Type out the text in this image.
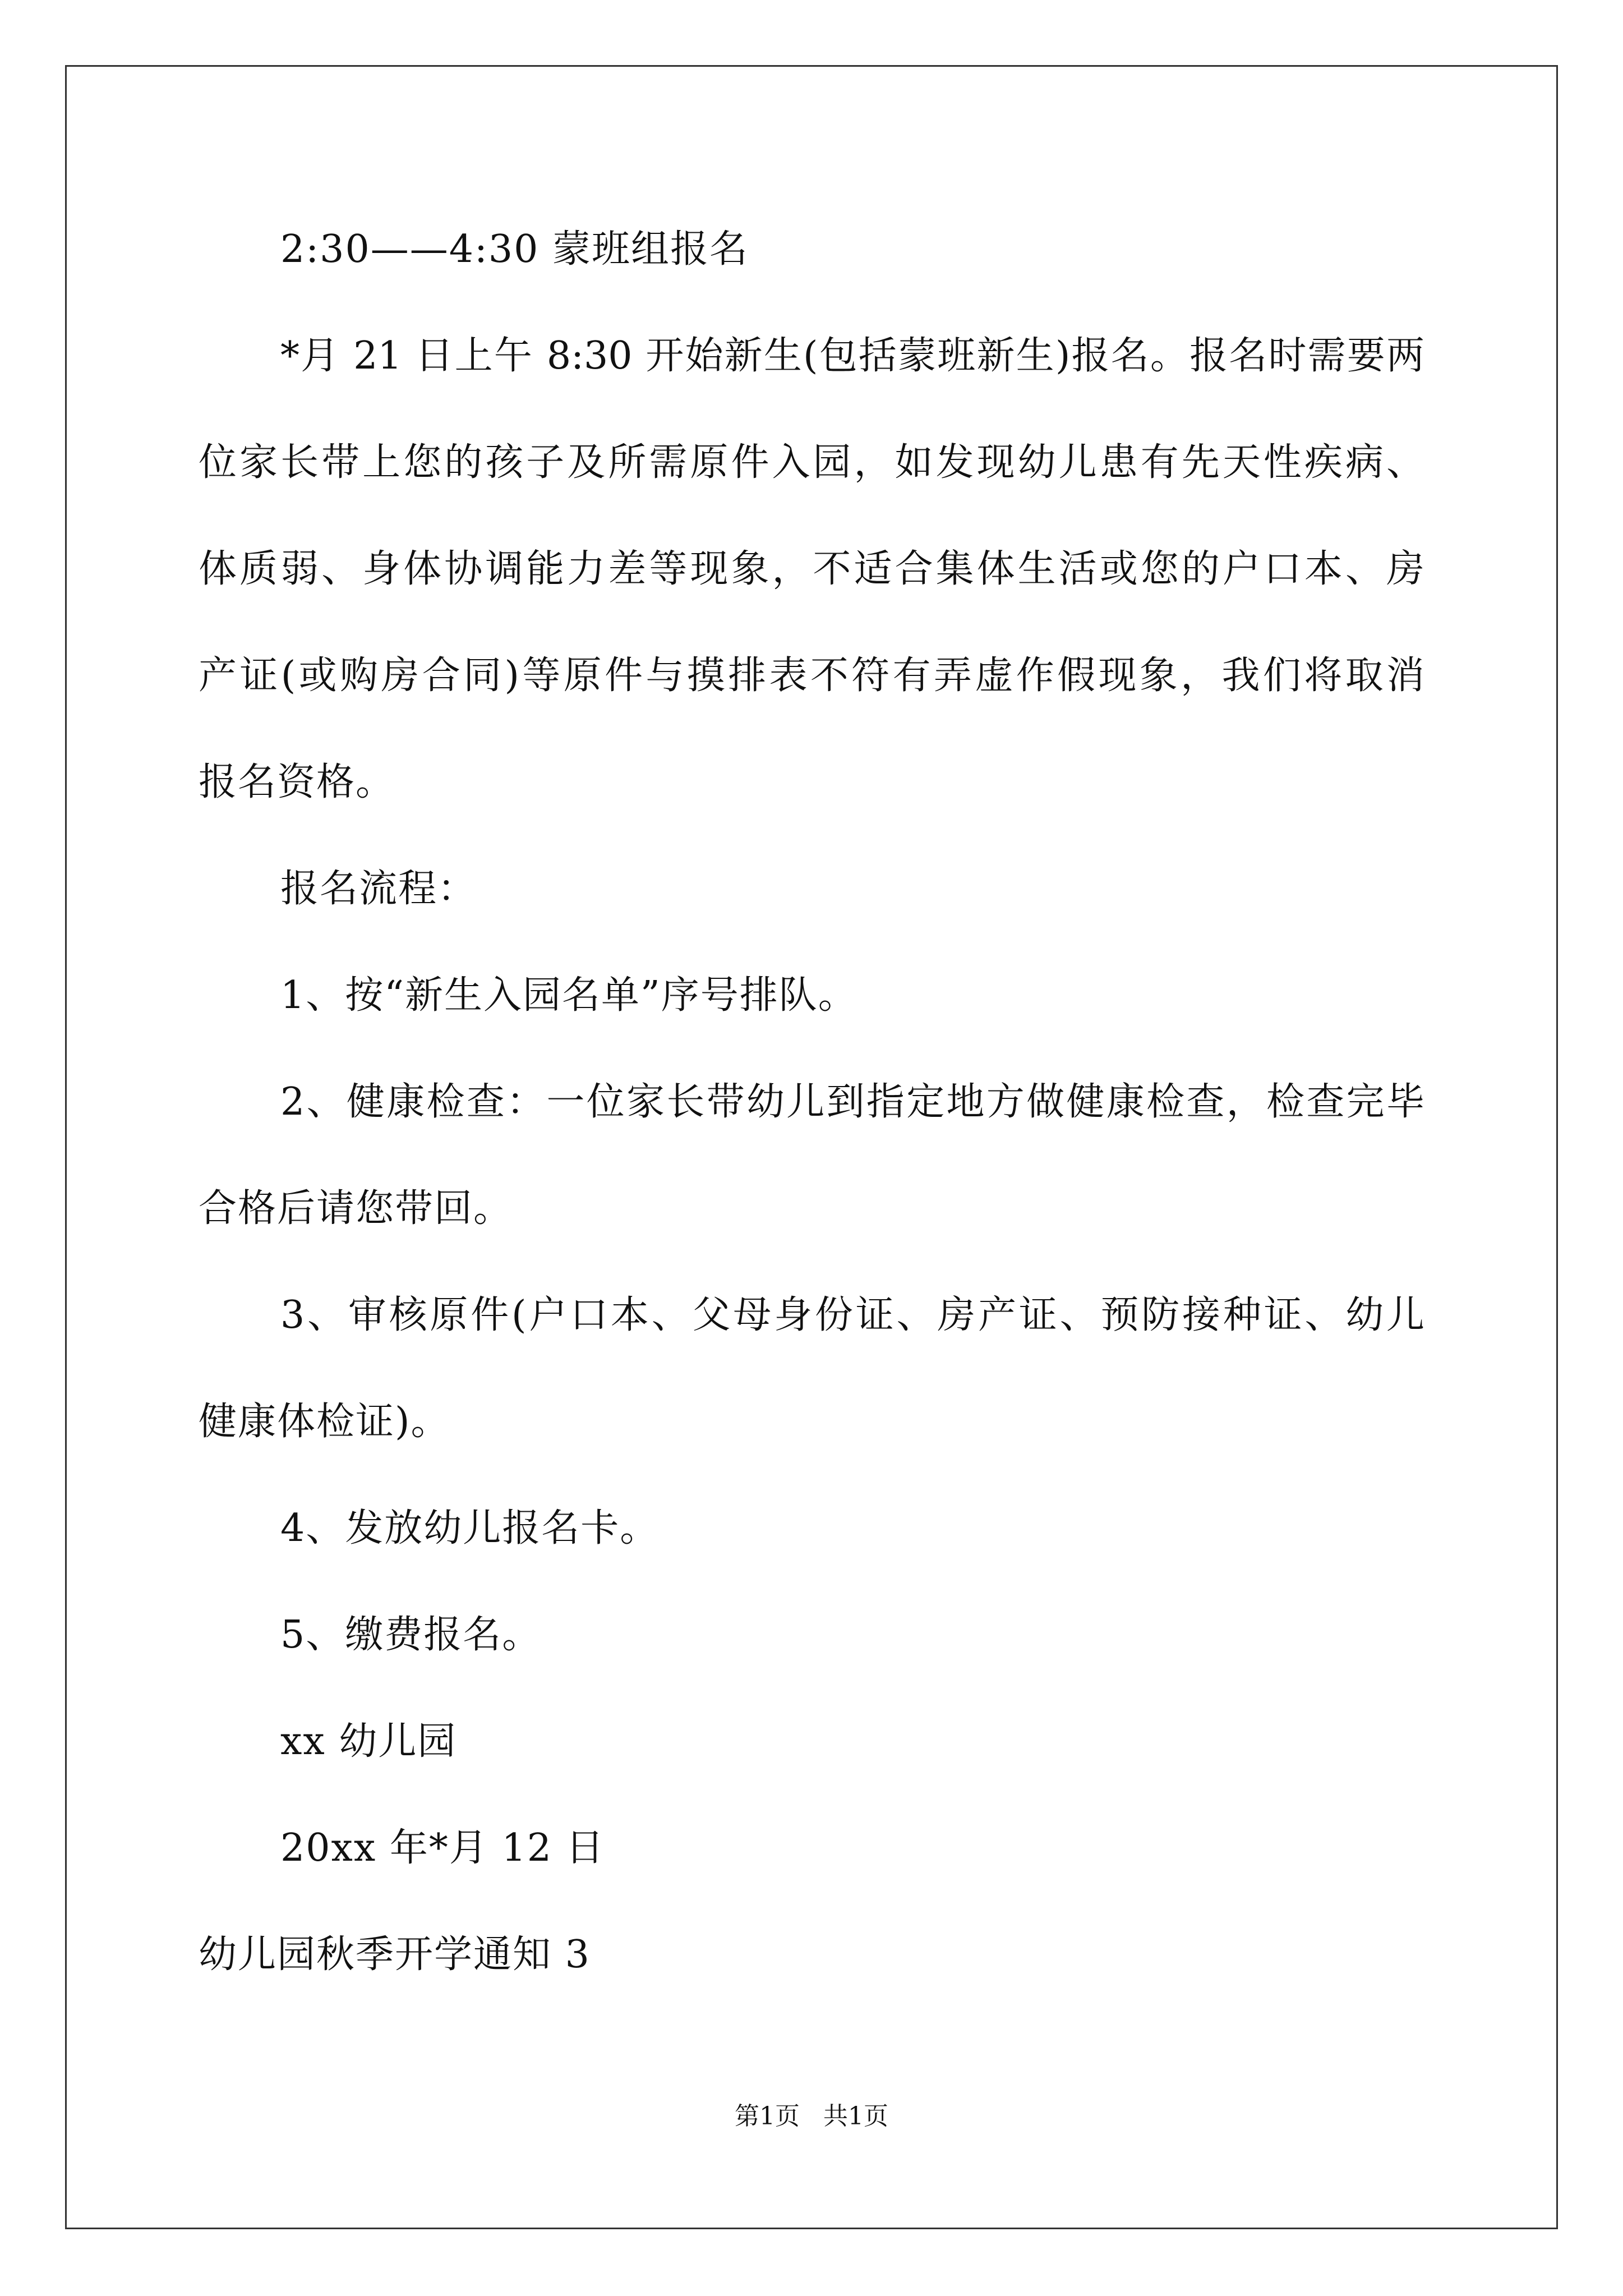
2:30——4:30 蒙班组报名
*月 21 日上午 8:30 开始新生(包括蒙班新生)报名。报名时需要两
位家长带上您的孩子及所需原件入园，如发现幼儿患有先天性疾病、
体质弱、身体协调能力差等现象，不适合集体生活或您的户口本、房
产证(或购房合同)等原件与摸排表不符有弄虚作假现象，我们将取消
报名资格。
报名流程：
1、按“新生入园名单”序号排队。
2、健康检查：一位家长带幼儿到指定地方做健康检查，检查完毕
合格后请您带回。
3、审核原件(户口本、父母身份证、房产证、预防接种证、幼儿
健康体检证)。
4、发放幼儿报名卡。
5、缴费报名。
xx 幼儿园
20xx 年*月 12 日
幼儿园秋季开学通知 3
第1页   共1页
